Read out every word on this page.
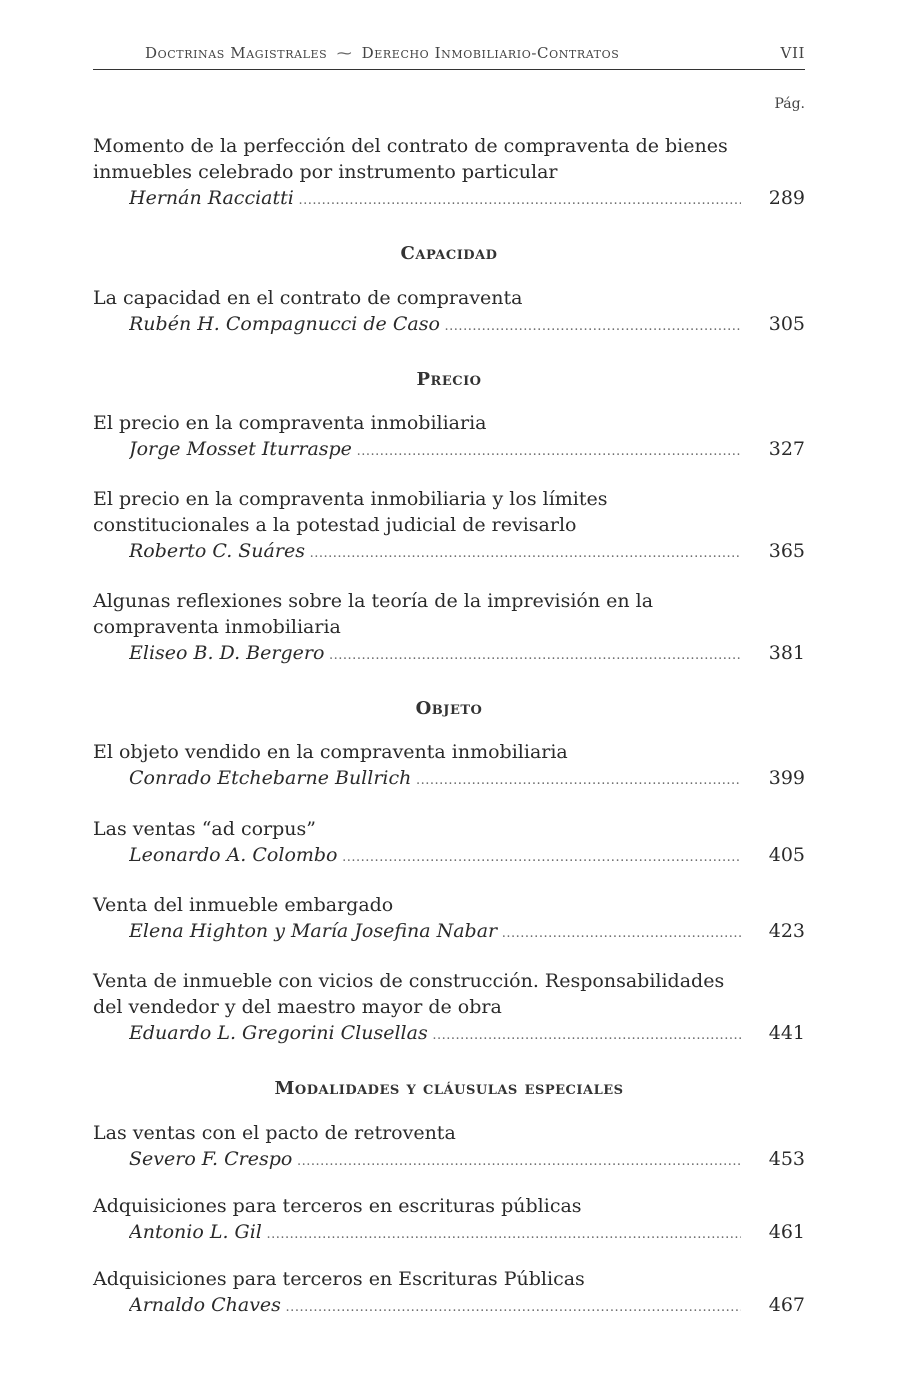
Doctrinas Magistrales ⁓ Derecho Inmobiliario-Contratos	VII
Pág.
Momento de la perfección del contrato de compraventa de bienes inmuebles celebrado por instrumento particular
Hernán Racciatti .....	289
Capacidad
La capacidad en el contrato de compraventa
Rubén H. Compagnucci de Caso .....	305
Precio
El precio en la compraventa inmobiliaria
Jorge Mosset Iturraspe .....	327
El precio en la compraventa inmobiliaria y los límites constitucionales a la potestad judicial de revisarlo
Roberto C. Suáres .....	365
Algunas reflexiones sobre la teoría de la imprevisión en la compraventa inmobiliaria
Eliseo B. D. Bergero .....	381
Objeto
El objeto vendido en la compraventa inmobiliaria
Conrado Etchebarne Bullrich .....	399
Las ventas “ad corpus”
Leonardo A. Colombo .....	405
Venta del inmueble embargado
Elena Highton y María Josefina Nabar .....	423
Venta de inmueble con vicios de construcción. Responsabilidades del vendedor y del maestro mayor de obra
Eduardo L. Gregorini Clusellas .....	441
Modalidades y cláusulas especiales
Las ventas con el pacto de retroventa
Severo F. Crespo .....	453
Adquisiciones para terceros en escrituras públicas
Antonio L. Gil .....	461
Adquisiciones para terceros en Escrituras Públicas
Arnaldo Chaves .....	467
